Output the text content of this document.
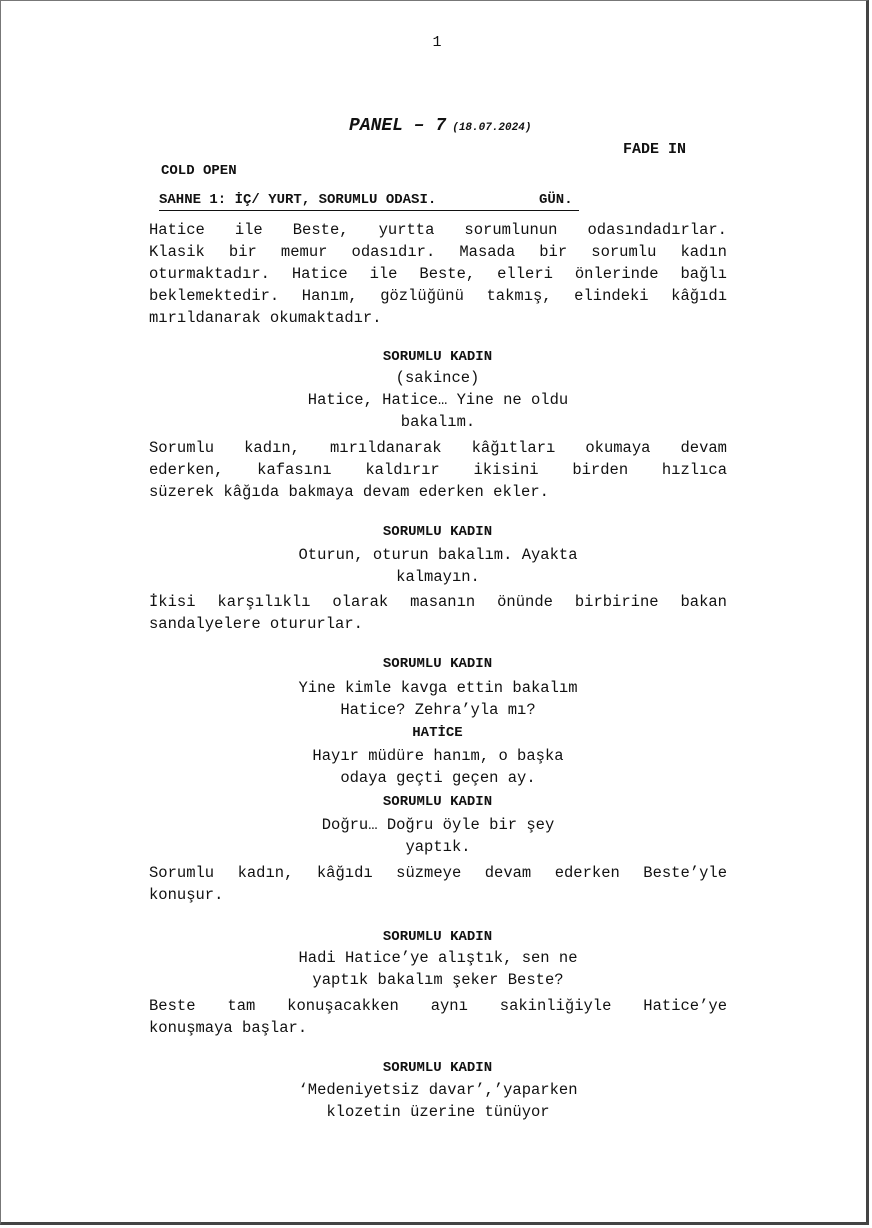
1
PANEL – 7 (18.07.2024)
FADE IN
COLD OPEN
SAHNE 1: İÇ/ YURT, SORUMLU ODASI.	GÜN.
Hatice ile Beste, yurtta sorumlunun odasındadırlar.
Klasik bir memur odasıdır. Masada bir sorumlu kadın
oturmaktadır. Hatice ile Beste, elleri önlerinde bağlı
beklemektedir. Hanım, gözlüğünü takmış, elindeki kâğıdı
mırıldanarak okumaktadır.
SORUMLU KADIN
(sakince)
Hatice, Hatice… Yine ne oldu
bakalım.
Sorumlu kadın, mırıldanarak kâğıtları okumaya devam
ederken, kafasını kaldırır ikisini birden hızlıca
süzerek kâğıda bakmaya devam ederken ekler.
SORUMLU KADIN
Oturun, oturun bakalım. Ayakta
kalmayın.
İkisi karşılıklı olarak masanın önünde birbirine bakan
sandalyelere otururlar.
SORUMLU KADIN
Yine kimle kavga ettin bakalım
Hatice? Zehra’yla mı?
HATİCE
Hayır müdüre hanım, o başka
odaya geçti geçen ay.
SORUMLU KADIN
Doğru… Doğru öyle bir şey
yaptık.
Sorumlu kadın, kâğıdı süzmeye devam ederken Beste’yle
konuşur.
SORUMLU KADIN
Hadi Hatice’ye alıştık, sen ne
yaptık bakalım şeker Beste?
Beste tam konuşacakken aynı sakinliğiyle Hatice’ye
konuşmaya başlar.
SORUMLU KADIN
‘Medeniyetsiz davar’,’yaparken
klozetin üzerine tünüyor
